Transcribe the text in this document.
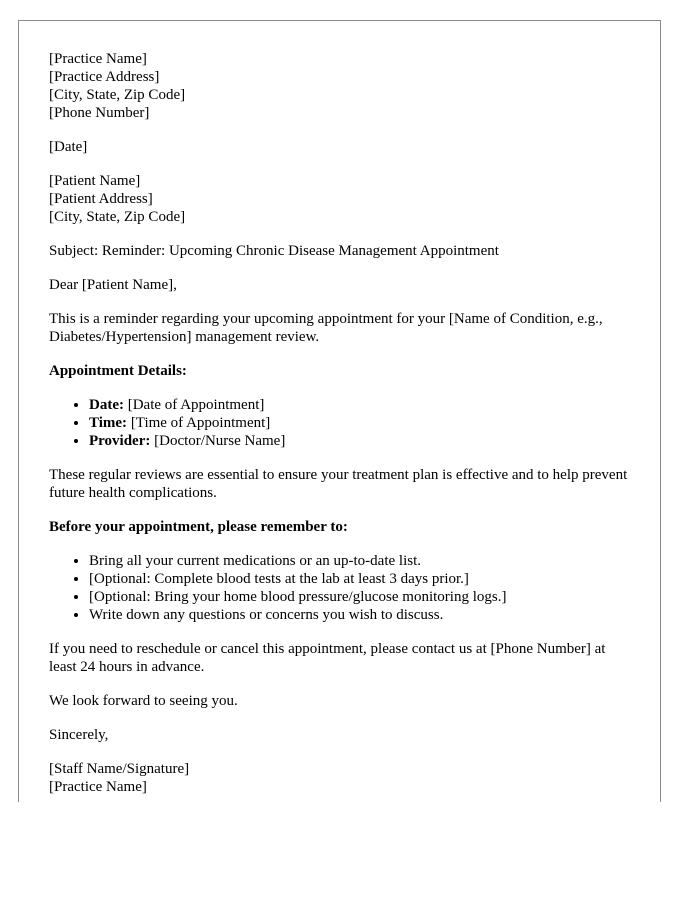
[Practice Name]
[Practice Address]
[City, State, Zip Code]
[Phone Number]
[Date]
[Patient Name]
[Patient Address]
[City, State, Zip Code]

Subject: Reminder: Upcoming Chronic Disease Management Appointment

Dear [Patient Name],

This is a reminder regarding your upcoming appointment for your [Name of Condition, e.g., Diabetes/Hypertension] management review.

Appointment Details:

• Date: [Date of Appointment]
• Time: [Time of Appointment]
• Provider: [Doctor/Nurse Name]

These regular reviews are essential to ensure your treatment plan is effective and to help prevent future health complications.

Before your appointment, please remember to:

• Bring all your current medications or an up-to-date list.
• [Optional: Complete blood tests at the lab at least 3 days prior.]
• [Optional: Bring your home blood pressure/glucose monitoring logs.]
• Write down any questions or concerns you wish to discuss.

If you need to reschedule or cancel this appointment, please contact us at [Phone Number] at least 24 hours in advance.

We look forward to seeing you.

Sincerely,

[Staff Name/Signature]
[Practice Name]
